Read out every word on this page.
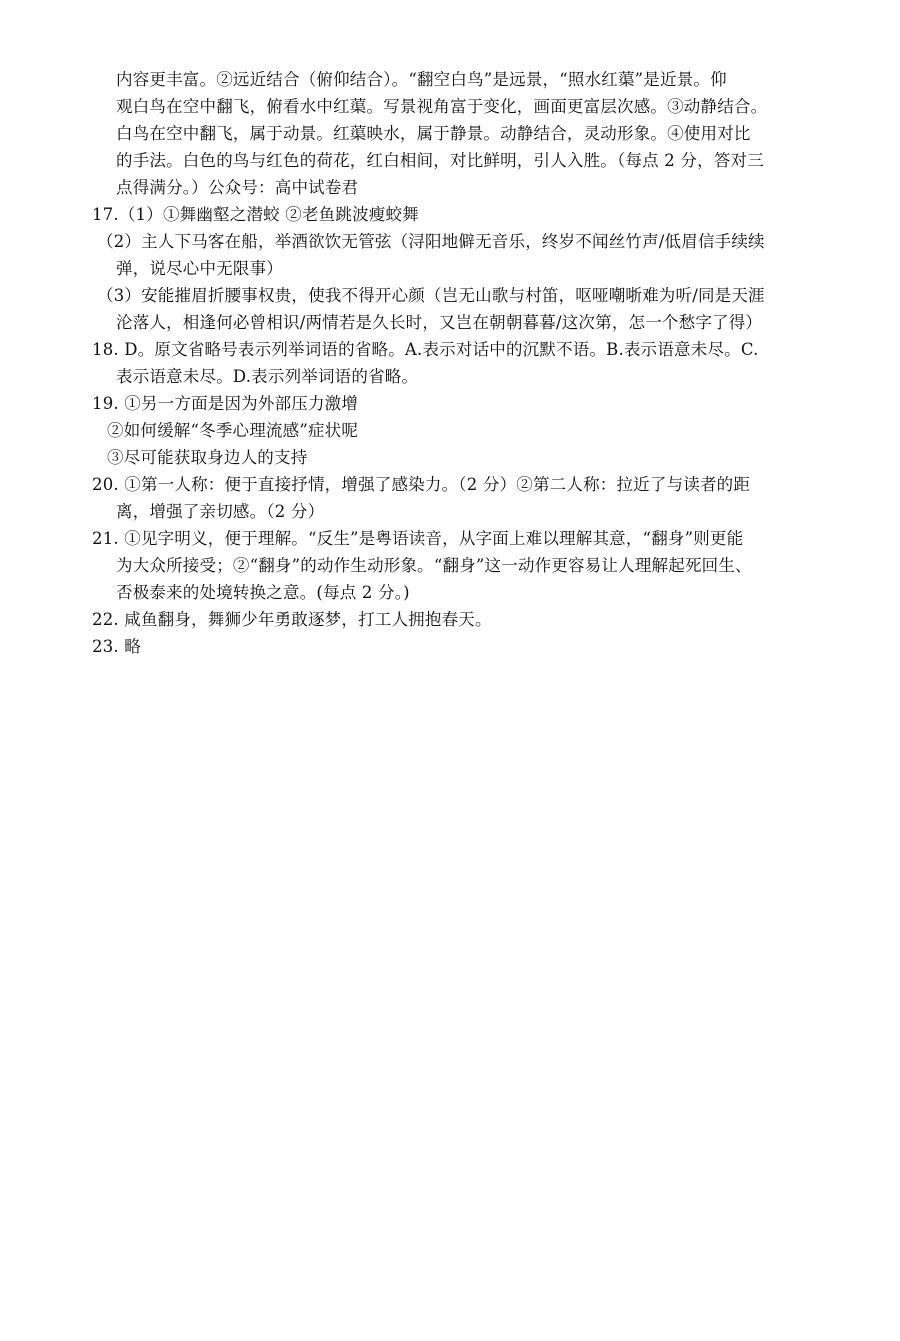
内容更丰富。②远近结合（俯仰结合）。“翻空白鸟”是远景，“照水红蕖”是近景。仰
观白鸟在空中翻飞，俯看水中红蕖。写景视角富于变化，画面更富层次感。③动静结合。
白鸟在空中翻飞，属于动景。红蕖映水，属于静景。动静结合，灵动形象。④使用对比
的手法。白色的鸟与红色的荷花，红白相间，对比鲜明，引人入胜。（每点 2 分，答对三
点得满分。）公众号：高中试卷君
17.（1）①舞幽壑之潜蛟 ②老鱼跳波瘦蛟舞
（2）主人下马客在船，举酒欲饮无管弦（浔阳地僻无音乐，终岁不闻丝竹声/低眉信手续续
弹，说尽心中无限事）
（3）安能摧眉折腰事权贵，使我不得开心颜（岂无山歌与村笛，呕哑嘲哳难为听/同是天涯
沦落人，相逢何必曾相识/两情若是久长时，又岂在朝朝暮暮/这次第，怎一个愁字了得）
18. D。原文省略号表示列举词语的省略。A.表示对话中的沉默不语。B.表示语意未尽。C.
表示语意未尽。D.表示列举词语的省略。
19. ①另一方面是因为外部压力激增
②如何缓解“冬季心理流感”症状呢
③尽可能获取身边人的支持
20. ①第一人称：便于直接抒情，增强了感染力。（2 分）②第二人称：拉近了与读者的距
离，增强了亲切感。（2 分）
21. ①见字明义，便于理解。“反生”是粤语读音，从字面上难以理解其意，“翻身”则更能
为大众所接受；②“翻身”的动作生动形象。“翻身”这一动作更容易让人理解起死回生、
否极泰来的处境转换之意。(每点 2 分。)
22. 咸鱼翻身，舞狮少年勇敢逐梦，打工人拥抱春天。
23. 略
